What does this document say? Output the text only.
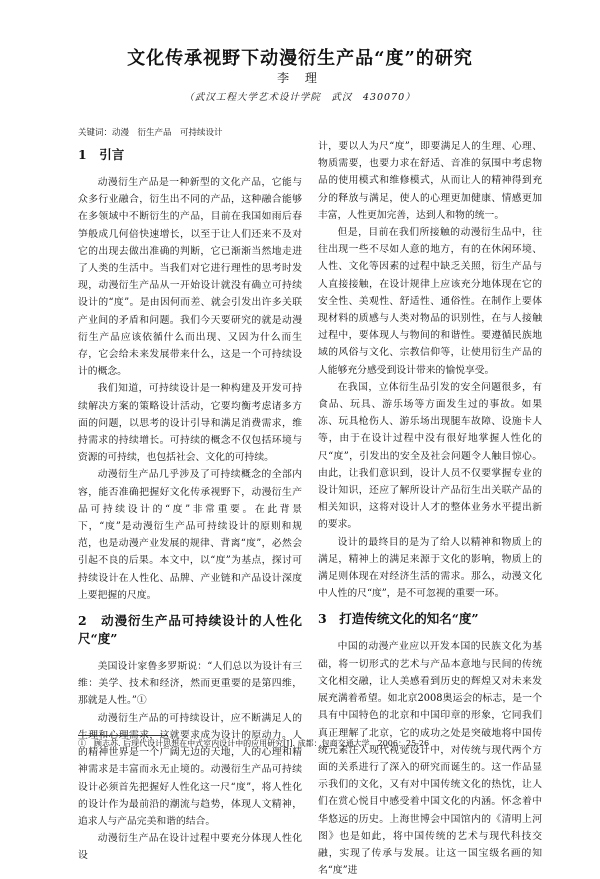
文化传承视野下动漫衍生产品“度”的研究
李 理
（武汉工程大学艺术设计学院　武汉　430070）
关键词：动漫　衍生产品　可持续设计
1　引言

动漫衍生产品是一种新型的文化产品，它能与众多行业融合，衍生出不同的产品，这种融合能够在多领域中不断衍生的产品，目前在我国如雨后春笋般成几何倍快速增长，以至于让人们还来不及对它的出现去做出准确的判断，它已渐渐当然地走进了人类的生活中。当我们对它进行理性的思考时发现，动漫衍生产品从一开始设计就没有确立可持续设计的“度”。是由因何而差、就会引发出许多关联产业间的矛盾和问题。我们今天要研究的就是动漫衍生产品应该依循什么而出现、又因为什么而生存，它会给未来发展带来什么，这是一个可持续设计的概念。

我们知道，可持续设计是一种构建及开发可持续解决方案的策略设计活动，它要均衡考虑诸多方面的问题，以思考的设计引导和满足消费需求，维持需求的持续增长。可持续的概念不仅包括环境与资源的可持续，也包括社会、文化的可持续。

动漫衍生产品几乎涉及了可持续概念的全部内容，能否准确把握好文化传承视野下，动漫衍生产品可持续设计的“度”非常重要。在此背景下，“度”是动漫衍生产品可持续设计的原则和规范，也是动漫产业发展的规律、背离“度”，必然会引起不良的后果。本文中，以“度”为基点，探讨可持续设计在人性化、品牌、产业链和产品设计深度上要把握的尺度。

2　动漫衍生产品可持续设计的人性化尺“度”

美国设计家鲁多罗斯说：“人们总以为设计有三维：美学、技术和经济，然而更重要的是第四维，那就是人性。”①

动漫衍生产品的可持续设计，应不断满足人的生理和心理需求，这就要求成为设计的原动力。人的精神世界是一个广阔无边的天地，人的心理和精神需求是丰富而永无止境的。动漫衍生产品可持续设计必须首先把握好人性化这一尺“度”，将人性化的设计作为最前沿的潮流与趋势，体现人文精神，追求人与产品完美和谐的结合。

动漫衍生产品在设计过程中要充分体现人性化设

计，要以人为尺“度”，即要满足人的生理、心理、物质需要，也要力求在舒适、音准的氛围中考虑物品的使用模式和维修模式，从而让人的精神得到充分的释放与满足，使人的心理更加健康、情感更加丰富，人性更加完善，达到人和物的统一。

但是，目前在我们所接触的动漫衍生品中，往往出现一些不尽如人意的地方，有的在休闲环境、人性、文化等因素的过程中缺乏关照，衍生产品与人直接接触，在设计规律上应该充分地体现在它的安全性、美观性、舒适性、通俗性。在制作上要体现材料的质感与人类对物品的识别性，在与人接触过程中，要体现人与物间的和谐性。要遵循民族地域的风俗与文化、宗教信仰等，让使用衍生产品的人能够充分感受到设计带来的愉悦享受。

在我国，立体衍生品引发的安全问题很多，有食品、玩具、游乐场等方面发生过的事故。如果冻、玩具枪伤人、游乐场出现腿车故障、设施卡人等，由于在设计过程中没有很好地掌握人性化的尺“度”，引发出的安全及社会问题令人触目惊心。由此，让我们意识到，设计人员不仅要掌握专业的设计知识，还应了解所设计产品衍生出关联产品的相关知识，这将对设计人才的整体业务水平提出新的要求。

设计的最终目的是为了给人以精神和物质上的满足，精神上的满足来源于文化的影响，物质上的满足则体现在对经济生活的需求。那么，动漫文化中人性的尺“度”，是不可忽视的重要一环。

3　打造传统文化的知名“度”

中国的动漫产业应以开发本国的民族文化为基础，将一切形式的艺术与产品本意地与民间的传统文化相交融，让人美感看到历史的辉煌又对未来发展充满着希望。如北京2008奥运会的标志，是一个具有中国特色的北京和中国印章的形象，它同我们真正理解了北京，它的成功之处是突破地将中国传统元素注入现代视觉设计中，对传统与现代两个方面的关系进行了深入的研究而诞生的。这一作品显示我们的文化，又有对中国传统文化的热忱，让人们在赏心悦目中感受着中国文化的内涵。怀念着中华悠远的历史。上海世博会中国馆内的《清明上河图》也是如此，将中国传统的艺术与现代科技交融，实现了传承与发展。让这一国宝级名画的知名“度”进

①　顾志苏. 后现代设计思想在中式室内设计中的应用研究[J]. 成都：包商交通大学，2006：25-26
